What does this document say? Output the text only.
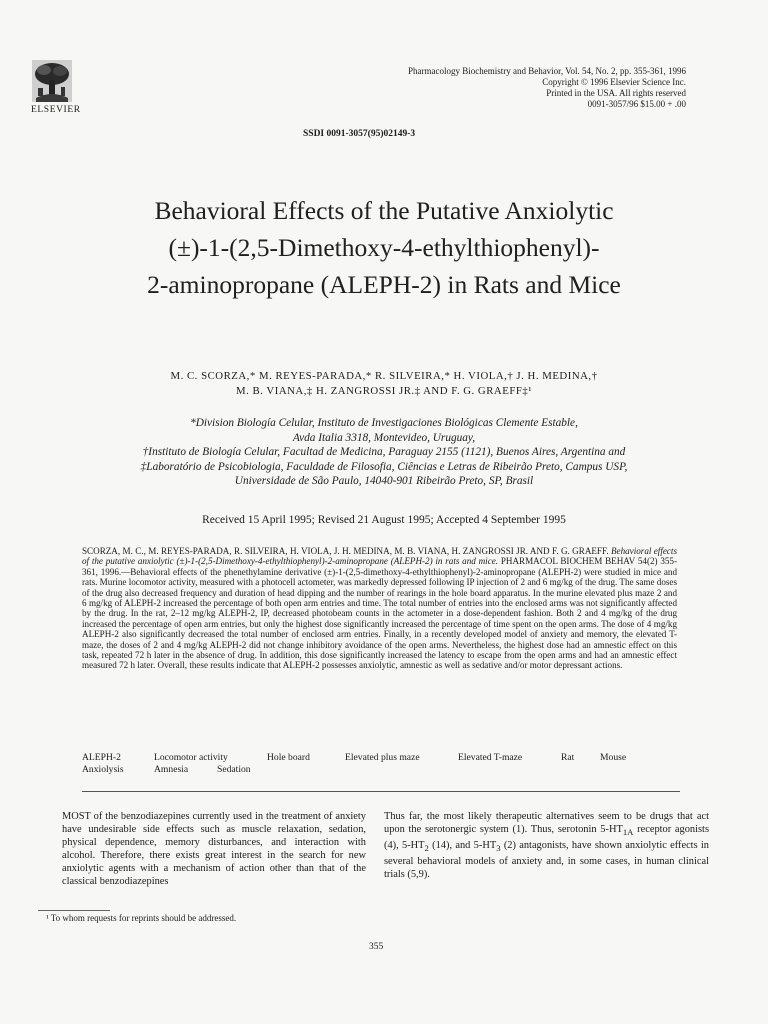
ELSEVIER
Pharmacology Biochemistry and Behavior, Vol. 54, No. 2, pp. 355-361, 1996
Copyright © 1996 Elsevier Science Inc.
Printed in the USA. All rights reserved
0091-3057/96 $15.00 + .00
SSDI 0091-3057(95)02149-3
Behavioral Effects of the Putative Anxiolytic
(±)-1-(2,5-Dimethoxy-4-ethylthiophenyl)-
2-aminopropane (ALEPH-2) in Rats and Mice
M. C. SCORZA,* M. REYES-PARADA,* R. SILVEIRA,* H. VIOLA,† J. H. MEDINA,†
M. B. VIANA,‡ H. ZANGROSSI JR.‡ AND F. G. GRAEFF‡¹
*Division Biología Celular, Instituto de Investigaciones Biológicas Clemente Estable,
Avda Italia 3318, Montevideo, Uruguay,
†Instituto de Biología Celular, Facultad de Medicina, Paraguay 2155 (1121), Buenos Aires, Argentina and
‡Laboratório de Psicobiologia, Faculdade de Filosofia, Ciências e Letras de Ribeirão Preto, Campus USP,
Universidade de São Paulo, 14040-901 Ribeirão Preto, SP, Brasil
Received 15 April 1995; Revised 21 August 1995; Accepted 4 September 1995
SCORZA, M. C., M. REYES-PARADA, R. SILVEIRA, H. VIOLA, J. H. MEDINA, M. B. VIANA, H. ZANGROSSI JR. AND F. G. GRAEFF. Behavioral effects of the putative anxiolytic (±)-1-(2,5-Dimethoxy-4-ethylthiophenyl)-2-aminopropane (ALEPH-2) in rats and mice. PHARMACOL BIOCHEM BEHAV 54(2) 355-361, 1996.—Behavioral effects of the phenethylamine derivative (±)-1-(2,5-dimethoxy-4-ethylthiophenyl)-2-aminopropane (ALEPH-2) were studied in mice and rats. Murine locomotor activity, measured with a photocell actometer, was markedly depressed following IP injection of 2 and 6 mg/kg of the drug. The same doses of the drug also decreased frequency and duration of head dipping and the number of rearings in the hole board apparatus. In the murine elevated plus maze 2 and 6 mg/kg of ALEPH-2 increased the percentage of both open arm entries and time. The total number of entries into the enclosed arms was not significantly affected by the drug. In the rat, 2–12 mg/kg ALEPH-2, IP, decreased photobeam counts in the actometer in a dose-dependent fashion. Both 2 and 4 mg/kg of the drug increased the percentage of open arm entries, but only the highest dose significantly increased the percentage of time spent on the open arms. The dose of 4 mg/kg ALEPH-2 also significantly decreased the total number of enclosed arm entries. Finally, in a recently developed model of anxiety and memory, the elevated T-maze, the doses of 2 and 4 mg/kg ALEPH-2 did not change inhibitory avoidance of the open arms. Nevertheless, the highest dose had an amnestic effect on this task, repeated 72 h later in the absence of drug. In addition, this dose significantly increased the latency to escape from the open arms and had an amnestic effect measured 72 h later. Overall, these results indicate that ALEPH-2 possesses anxiolytic, amnestic as well as sedative and/or motor depressant actions.
ALEPH-2	Locomotor activity	Hole board	Elevated plus maze	Elevated T-maze	Rat	Mouse
Anxiolysis	Amnesia	Sedation
MOST of the benzodiazepines currently used in the treatment of anxiety have undesirable side effects such as muscle relaxation, sedation, physical dependence, memory disturbances, and interaction with alcohol. Therefore, there exists great interest in the search for new anxiolytic agents with a mechanism of action other than that of the classical benzodiazepines
Thus far, the most likely therapeutic alternatives seem to be drugs that act upon the serotonergic system (1). Thus, serotonin $5-HT_{1A}$ receptor agonists (4), $5-HT_2$ (14), and $5-HT_3$ (2) antagonists, have shown anxiolytic effects in several behavioral models of anxiety and, in some cases, in human clinical trials (5,9).
¹ To whom requests for reprints should be addressed.
355
